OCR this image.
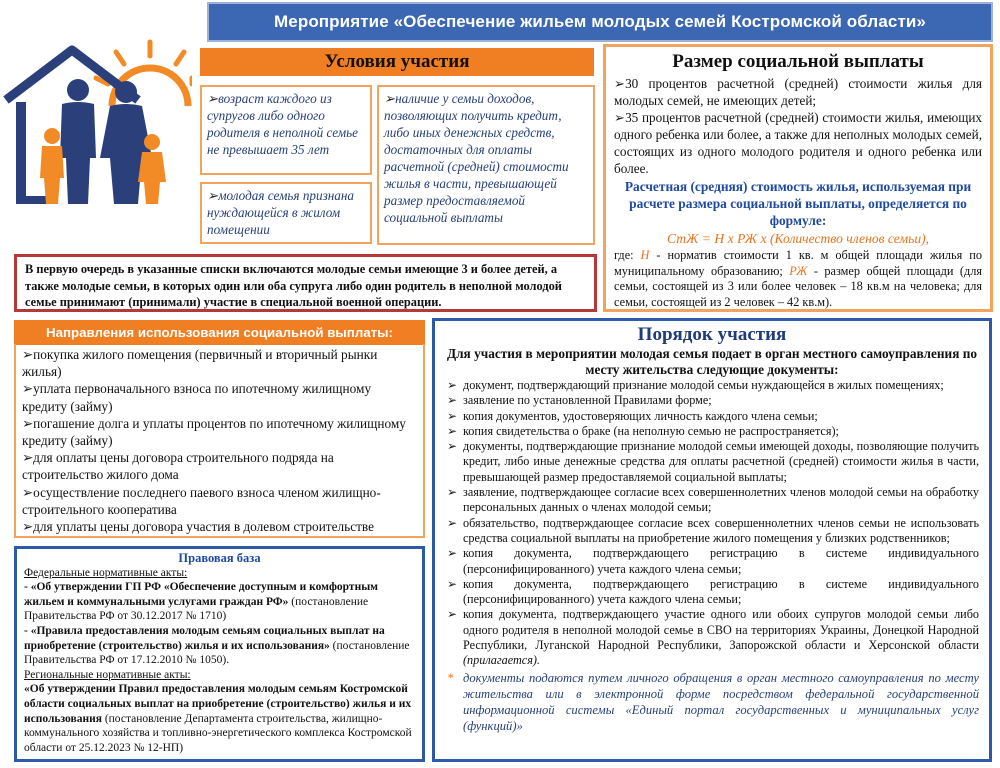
Мероприятие «Обеспечение жильем молодых семей Костромской области»
Условия участия
➢возраст каждого из супругов либо одного родителя в неполной семье не превышает 35 лет
➢молодая семья признана нуждающейся в жилом помещении
➢наличие у семьи доходов, позволяющих получить кредит, либо иных денежных средств, достаточных для оплаты расчетной (средней) стоимости жилья в части, превышающей размер предоставляемой социальной выплаты
Размер социальной выплаты
➢30 процентов расчетной (средней) стоимости жилья для молодых семей, не имеющих детей;
➢35 процентов расчетной (средней) стоимости жилья, имеющих одного ребенка или более, а также для неполных молодых семей, состоящих из одного молодого родителя и одного ребенка или более.
Расчетная (средняя) стоимость жилья, используемая при расчете размера социальной выплаты, определяется по формуле:
СтЖ = Н х РЖ х (Количество членов семьи),
где: Н - норматив стоимости 1 кв. м общей площади жилья по муниципальному образованию; РЖ - размер общей площади (для семьи, состоящей из 3 или более человек – 18 кв.м на человека; для семьи, состоящей из 2 человек – 42 кв.м).
В первую очередь в указанные списки включаются молодые семьи имеющие 3 и более детей, а также молодые семьи, в которых один или оба супруга либо один родитель в неполной молодой семье принимают (принимали) участие в специальной военной операции.
Направления использования социальной выплаты:
➢покупка жилого помещения (первичный и вторичный рынки жилья)
➢уплата первоначального взноса по ипотечному жилищному кредиту (займу)
➢погашение долга и уплаты процентов по ипотечному жилищному кредиту (займу)
➢для оплаты цены договора строительного подряда на строительство жилого дома
➢осуществление последнего паевого взноса членом жилищно-строительного кооператива
➢для уплаты цены договора участия в долевом строительстве
Правовая база
Федеральные нормативные акты:
- «Об утверждении ГП РФ «Обеспечение доступным и комфортным жильем и коммунальными услугами граждан РФ» (постановление Правительства РФ от 30.12.2017 № 1710)
- «Правила предоставления молодым семьям социальных выплат на приобретение (строительство) жилья и их использования» (постановление Правительства РФ от 17.12.2010 № 1050).
Региональные нормативные акты:
«Об утверждении Правил предоставления молодым семьям Костромской области социальных выплат на приобретение (строительство) жилья и их использования (постановление Департамента строительства, жилищно-коммунального хозяйства и топливно-энергетического комплекса Костромской области от 25.12.2023 № 12-НП)
Порядок участия
Для участия в мероприятии молодая семья подает в орган местного самоуправления по месту жительства следующие документы:
➢ документ, подтверждающий признание молодой семьи нуждающейся в жилых помещениях;
➢ заявление по установленной Правилами форме;
➢ копия документов, удостоверяющих личность каждого члена семьи;
➢ копия свидетельства о браке (на неполную семью не распространяется);
➢ документы, подтверждающие признание молодой семьи имеющей доходы, позволяющие получить кредит, либо иные денежные средства для оплаты расчетной (средней) стоимости жилья в части, превышающей размер предоставляемой социальной выплаты;
➢ заявление, подтверждающее согласие всех совершеннолетних членов молодой семьи на обработку персональных данных о членах молодой семьи;
➢ обязательство, подтверждающее согласие всех совершеннолетних членов семьи не использовать средства социальной выплаты на приобретение жилого помещения у близких родственников;
➢ копия документа, подтверждающего регистрацию в системе индивидуального (персонифицированного) учета каждого члена семьи;
➢ копия документа, подтверждающего регистрацию в системе индивидуального (персонифицированного) учета каждого члена семьи;
➢ копия документа, подтверждающего участие одного или обоих супругов молодой семьи либо одного родителя в неполной молодой семье в СВО на территориях Украины, Донецкой Народной Республики, Луганской Народной Республики, Запорожской области и Херсонской области (прилагается).
* документы подаются путем личного обращения в орган местного самоуправления по месту жительства или в электронной форме посредством федеральной государственной информационной системы «Единый портал государственных и муниципальных услуг (функций)»
